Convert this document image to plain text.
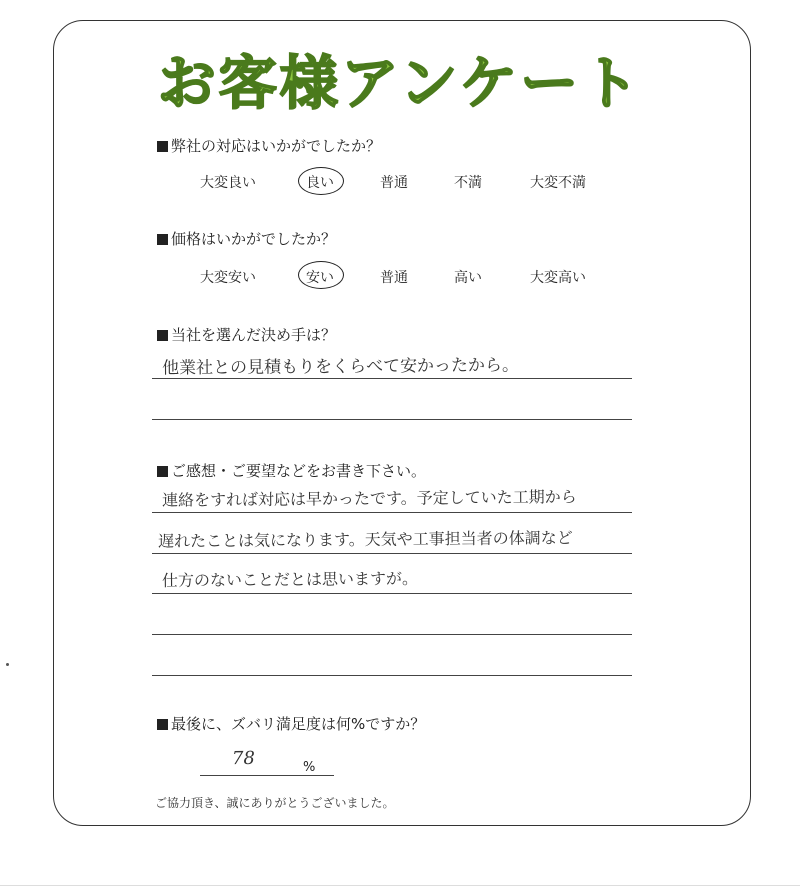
お客様アンケート
弊社の対応はいかがでしたか？
大変良い	良い	普通	不満	大変不満
価格はいかがでしたか？
大変安い	安い	普通	高い	大変高い
当社を選んだ決め手は？
他業社との見積もりをくらべて安かったから。
ご感想・ご要望などをお書き下さい。
連絡をすれば対応は早かったです。予定していた工期から
遅れたことは気になります。天気や工事担当者の体調など
仕方のないことだとは思いますが。
最後に、ズバリ満足度は何%ですか？
78	%
ご協力頂き、誠にありがとうございました。
